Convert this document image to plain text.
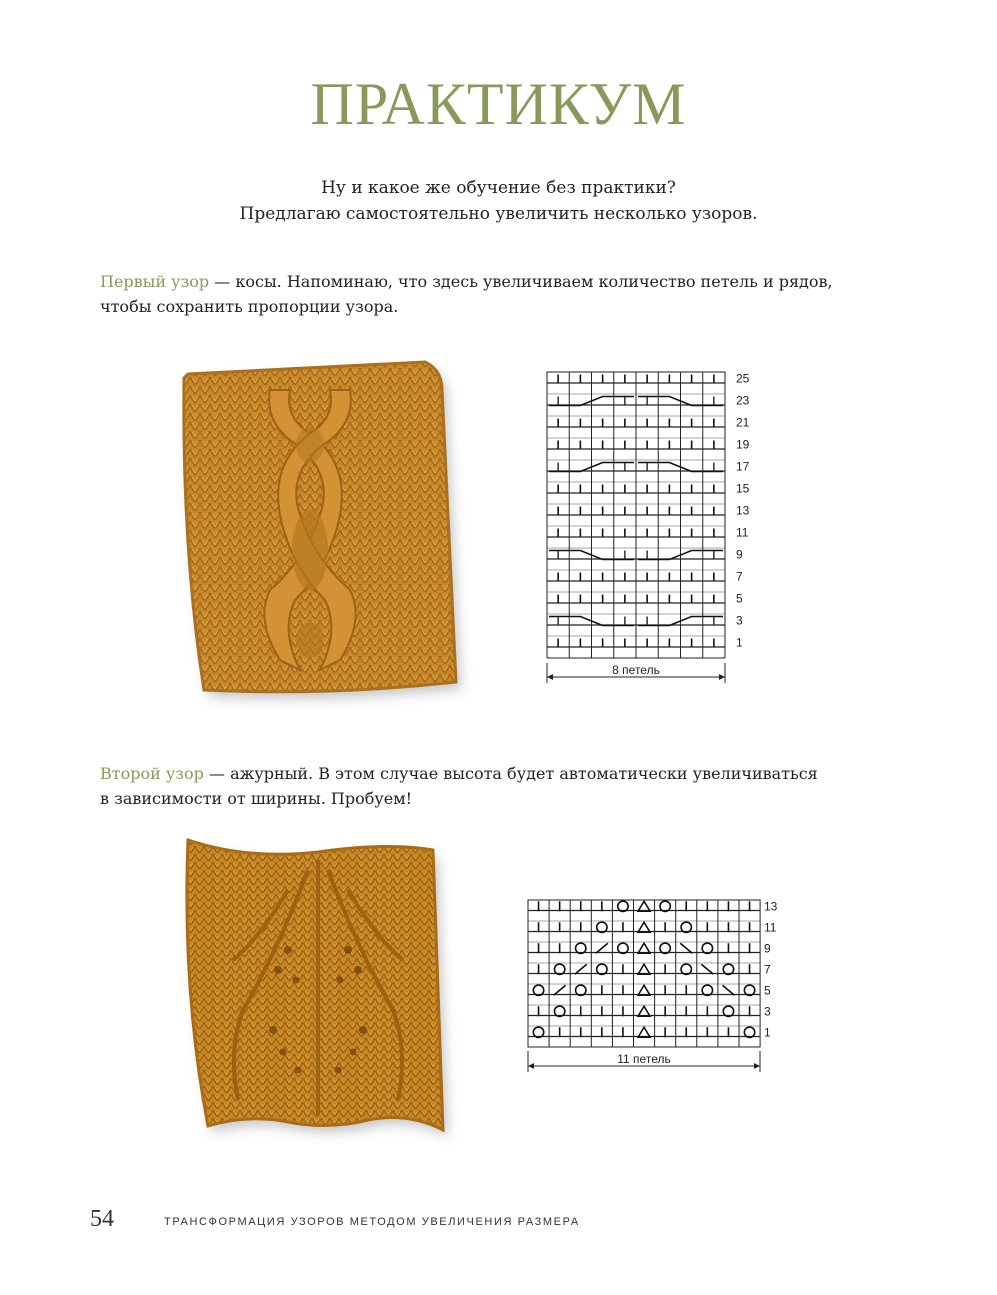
ПРАКТИКУМ
Ну и какое же обучение без практики?
Предлагаю самостоятельно увеличить несколько узоров.
Первый узор — косы. Напоминаю, что здесь увеличиваем количество петель и рядов,
чтобы сохранить пропорции узора.
25
23
21
19
17
15
13
11
9
7
5
3
1
8 петель
Второй узор — ажурный. В этом случае высота будет автоматически увеличиваться
в зависимости от ширины. Пробуем!
13
11
9
7
5
3
1
11 петель
54	ТРАНСФОРМАЦИЯ УЗОРОВ МЕТОДОМ УВЕЛИЧЕНИЯ РАЗМЕРА
